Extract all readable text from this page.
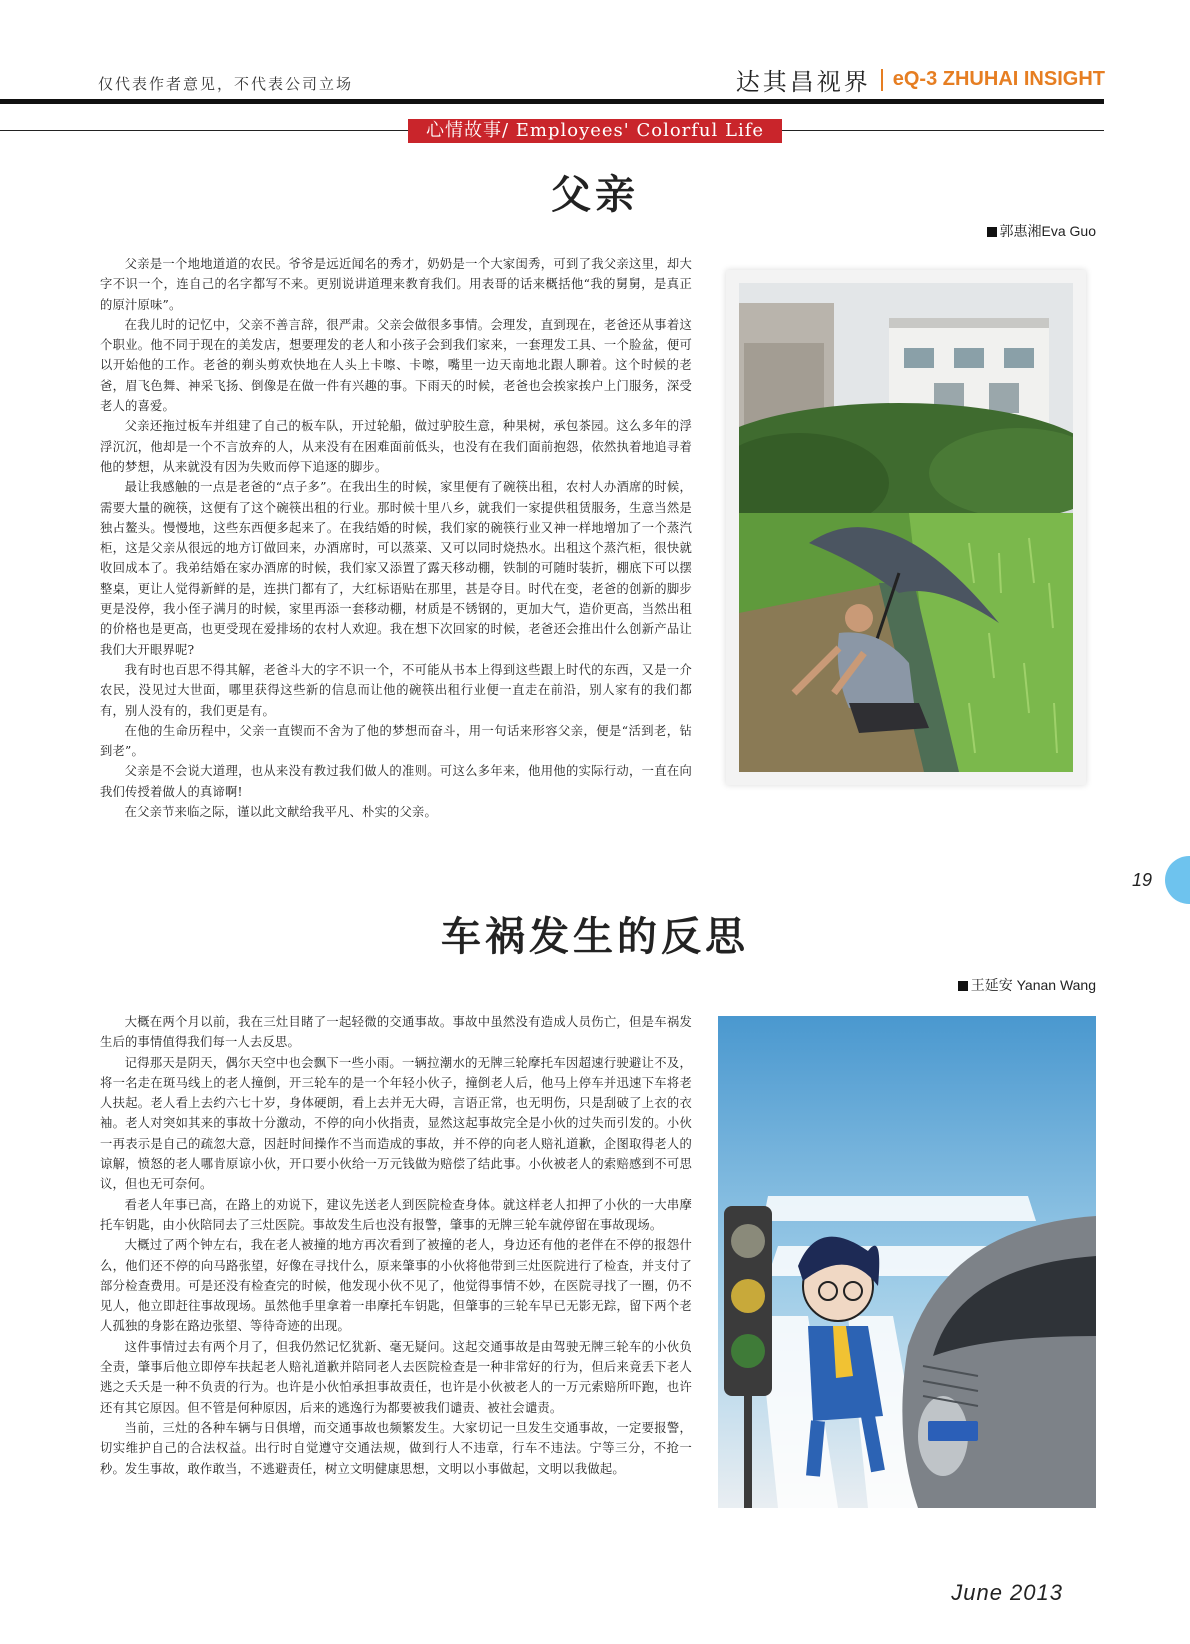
仅代表作者意见，不代表公司立场	达其昌视界 eQ-3 ZHUHAI INSIGHT
心情故事/ Employees' Colorful Life
父亲
郭惠湘Eva Guo

父亲是一个地地道道的农民。爷爷是远近闻名的秀才，奶奶是一个大家闺秀，可到了我父亲这里，却大字不识一个，连自己的名字都写不来。更别说讲道理来教育我们。用表哥的话来概括他“我的舅舅，是真正的原汁原味”。

在我儿时的记忆中，父亲不善言辞，很严肃。父亲会做很多事情。会理发，直到现在，老爸还从事着这个职业。他不同于现在的美发店，想要理发的老人和小孩子会到我们家来，一套理发工具、一个脸盆，便可以开始他的工作。老爸的剃头剪欢快地在人头上卡嚓、卡嚓，嘴里一边天南地北跟人聊着。这个时候的老爸，眉飞色舞、神采飞扬、倒像是在做一件有兴趣的事。下雨天的时候，老爸也会挨家挨户上门服务，深受老人的喜爱。

父亲还拖过板车并组建了自己的板车队，开过轮船，做过驴胶生意，种果树，承包茶园。这么多年的浮浮沉沉，他却是一个不言放弃的人，从来没有在困难面前低头，也没有在我们面前抱怨，依然执着地追寻着他的梦想，从来就没有因为失败而停下追逐的脚步。

最让我感触的一点是老爸的“点子多”。在我出生的时候，家里便有了碗筷出租，农村人办酒席的时候，需要大量的碗筷，这便有了这个碗筷出租的行业。那时候十里八乡，就我们一家提供租赁服务，生意当然是独占鳌头。慢慢地，这些东西便多起来了。在我结婚的时候，我们家的碗筷行业又神一样地增加了一个蒸汽柜，这是父亲从很远的地方订做回来，办酒席时，可以蒸菜、又可以同时烧热水。出租这个蒸汽柜，很快就收回成本了。我弟结婚在家办酒席的时候，我们家又添置了露天移动棚，铁制的可随时装折，棚底下可以摆整桌，更让人觉得新鲜的是，连拱门都有了，大红标语贴在那里，甚是夺目。时代在变，老爸的创新的脚步更是没停，我小侄子满月的时候，家里再添一套移动棚，材质是不锈钢的，更加大气，造价更高，当然出租的价格也是更高，也更受现在爱排场的农村人欢迎。我在想下次回家的时候，老爸还会推出什么创新产品让我们大开眼界呢?

我有时也百思不得其解，老爸斗大的字不识一个，不可能从书本上得到这些跟上时代的东西，又是一介农民，没见过大世面，哪里获得这些新的信息而让他的碗筷出租行业便一直走在前沿，别人家有的我们都有，别人没有的，我们更是有。

在他的生命历程中，父亲一直锲而不舍为了他的梦想而奋斗，用一句话来形容父亲，便是“活到老，钻到老”。

父亲是不会说大道理，也从来没有教过我们做人的准则。可这么多年来，他用他的实际行动，一直在向我们传授着做人的真谛啊!

在父亲节来临之际，谨以此文献给我平凡、朴实的父亲。

19
车祸发生的反思
王延安 Yanan Wang

大概在两个月以前，我在三灶目睹了一起轻微的交通事故。事故中虽然没有造成人员伤亡，但是车祸发生后的事情值得我们每一人去反思。

记得那天是阴天，偶尔天空中也会飘下一些小雨。一辆拉潮水的无牌三轮摩托车因超速行驶避让不及，将一名走在斑马线上的老人撞倒，开三轮车的是一个年轻小伙子，撞倒老人后，他马上停车并迅速下车将老人扶起。老人看上去约六七十岁，身体硬朗，看上去并无大碍，言语正常，也无明伤，只是刮破了上衣的衣袖。老人对突如其来的事故十分激动，不停的向小伙指责，显然这起事故完全是小伙的过失而引发的。小伙一再表示是自己的疏忽大意，因赶时间操作不当而造成的事故，并不停的向老人赔礼道歉，企图取得老人的谅解，愤怒的老人哪肯原谅小伙，开口要小伙给一万元钱做为赔偿了结此事。小伙被老人的索赔感到不可思议，但也无可奈何。

看老人年事已高，在路上的劝说下，建议先送老人到医院检查身体。就这样老人扣押了小伙的一大串摩托车钥匙，由小伙陪同去了三灶医院。事故发生后也没有报警，肇事的无牌三轮车就停留在事故现场。

大概过了两个钟左右，我在老人被撞的地方再次看到了被撞的老人，身边还有他的老伴在不停的报怨什么，他们还不停的向马路张望，好像在寻找什么，原来肇事的小伙将他带到三灶医院进行了检查，并支付了部分检查费用。可是还没有检查完的时候，他发现小伙不见了，他觉得事情不妙，在医院寻找了一圈，仍不见人，他立即赶往事故现场。虽然他手里拿着一串摩托车钥匙，但肇事的三轮车早已无影无踪，留下两个老人孤独的身影在路边张望、等待奇迹的出现。

这件事情过去有两个月了，但我仍然记忆犹新、毫无疑问。这起交通事故是由驾驶无牌三轮车的小伙负全责，肇事后他立即停车扶起老人赔礼道歉并陪同老人去医院检查是一种非常好的行为，但后来竟丢下老人逃之夭夭是一种不负责的行为。也许是小伙怕承担事故责任，也许是小伙被老人的一万元索赔所吓跑，也许还有其它原因。但不管是何种原因，后来的逃逸行为都要被我们谴责、被社会谴责。

当前，三灶的各种车辆与日俱增，而交通事故也频繁发生。大家切记一旦发生交通事故，一定要报警，切实维护自己的合法权益。出行时自觉遵守交通法规，做到行人不违章，行车不违法。宁等三分，不抢一秒。发生事故，敢作敢当，不逃避责任，树立文明健康思想，文明以小事做起，文明以我做起。

June 2013
